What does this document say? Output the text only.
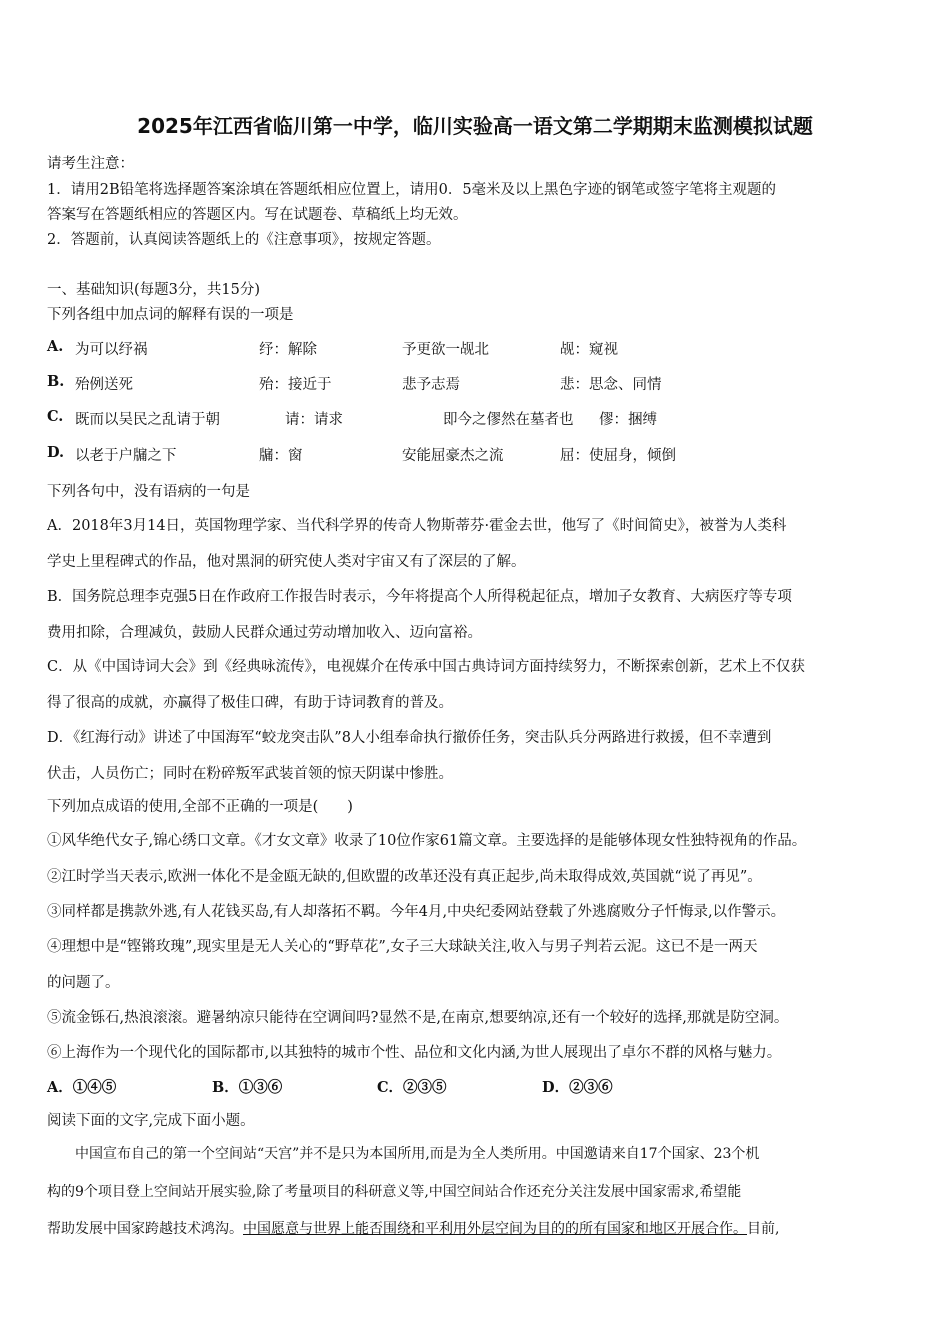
2025年江西省临川第一中学，临川实验高一语文第二学期期末监测模拟试题
请考生注意：
1．请用2B铅笔将选择题答案涂填在答题纸相应位置上，请用0．5毫米及以上黑色字迹的钢笔或签字笔将主观题的
答案写在答题纸相应的答题区内。写在试题卷、草稿纸上均无效。
2．答题前，认真阅读答题纸上的《注意事项》，按规定答题。
一、基础知识(每题3分，共15分)
下列各组中加点词的解释有误的一项是
A. 为可以纾祸	纾：解除	予更欲一觇北	觇：窥视
B. 殆例送死	殆：接近于	悲予志焉	悲：思念、同情
C. 既而以吴民之乱请于朝	请：请求	即今之僇然在墓者也 僇：捆缚
D. 以老于户牖之下	牖：窗	安能屈豪杰之流	屈：使屈身，倾倒
下列各句中，没有语病的一句是
A．2018年3月14日，英国物理学家、当代科学界的传奇人物斯蒂芬·霍金去世，他写了《时间简史》，被誉为人类科
学史上里程碑式的作品，他对黑洞的研究使人类对宇宙又有了深层的了解。
B．国务院总理李克强5日在作政府工作报告时表示，今年将提高个人所得税起征点，增加子女教育、大病医疗等专项
费用扣除，合理减负，鼓励人民群众通过劳动增加收入、迈向富裕。
C．从《中国诗词大会》到《经典咏流传》，电视媒介在传承中国古典诗词方面持续努力，不断探索创新，艺术上不仅获
得了很高的成就，亦赢得了极佳口碑，有助于诗词教育的普及。
D．《红海行动》讲述了中国海军“蛟龙突击队”8人小组奉命执行撤侨任务，突击队兵分两路进行救援，但不幸遭到
伏击，人员伤亡；同时在粉碎叛军武装首领的惊天阴谋中惨胜。
下列加点成语的使用,全部不正确的一项是(　　)
①风华绝代女子,锦心绣口文章。《才女文章》收录了10位作家61篇文章。主要选择的是能够体现女性独特视角的作品。
②江时学当天表示,欧洲一体化不是金瓯无缺的,但欧盟的改革还没有真正起步,尚未取得成效,英国就“说了再见”。
③同样都是携款外逃,有人花钱买岛,有人却落拓不羁。今年4月,中央纪委网站登载了外逃腐败分子忏悔录,以作警示。
④理想中是“铿锵玫瑰”,现实里是无人关心的“野草花”,女子三大球缺关注,收入与男子判若云泥。这已不是一两天
的问题了。
⑤流金铄石,热浪滚滚。避暑纳凉只能待在空调间吗?显然不是,在南京,想要纳凉,还有一个较好的选择,那就是防空洞。
⑥上海作为一个现代化的国际都市,以其独特的城市个性、品位和文化内涵,为世人展现出了卓尔不群的风格与魅力。
A．①④⑤	B．①③⑥	C．②③⑤	D．②③⑥
阅读下面的文字,完成下面小题。
　　中国宣布自己的第一个空间站“天宫”并不是只为本国所用,而是为全人类所用。中国邀请来自17个国家、23个机
构的9个项目登上空间站开展实验,除了考量项目的科研意义等,中国空间站合作还充分关注发展中国家需求,希望能
帮助发展中国家跨越技术鸿沟。中国愿意与世界上能否围绕和平利用外层空间为目的的所有国家和地区开展合作。目前,
